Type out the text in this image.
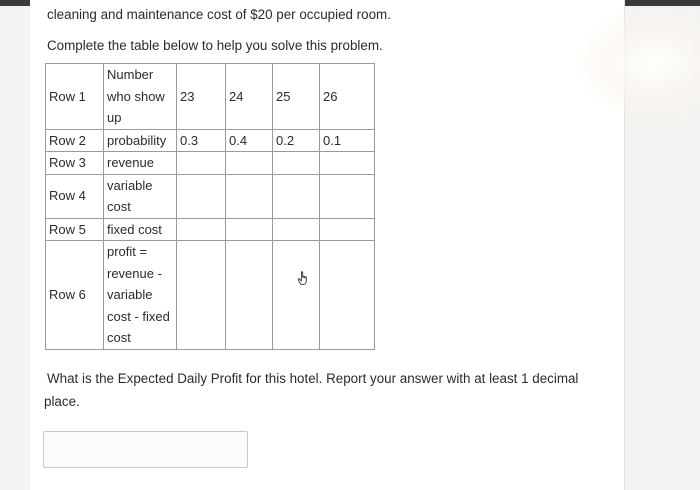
cleaning and maintenance cost of $20 per occupied room.
Complete the table below to help you solve this problem.
Row 1	Number who show up	23	24	25	26
Row 2	probability	0.3	0.4	0.2	0.1
Row 3	revenue				
Row 4	variable cost				
Row 5	fixed cost				
Row 6	profit = revenue - variable cost - fixed cost				
What is the Expected Daily Profit for this hotel. Report your answer with at least 1 decimal
place.
